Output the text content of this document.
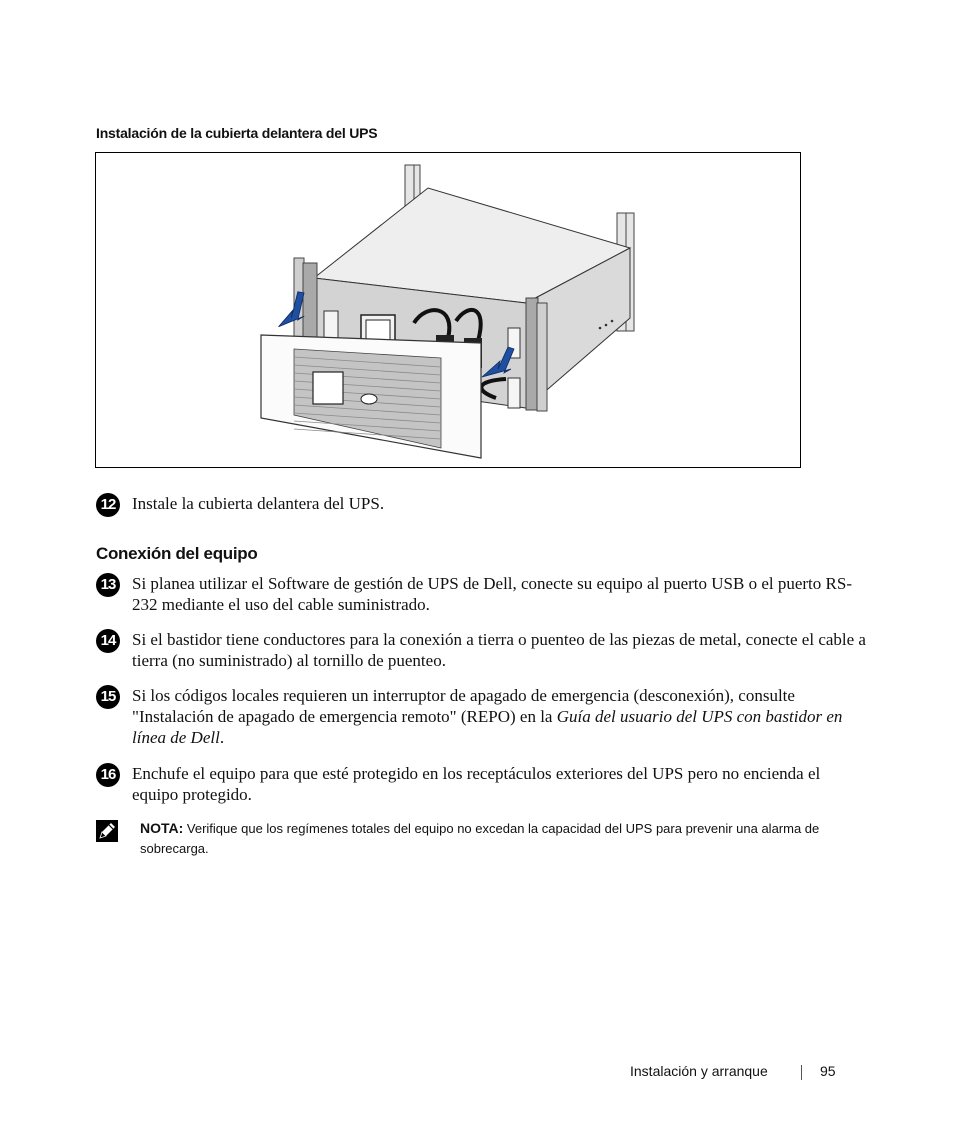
Instalación de la cubierta delantera del UPS
12 Instale la cubierta delantera del UPS.
Conexión del equipo
13 Si planea utilizar el Software de gestión de UPS de Dell, conecte su equipo al puerto USB o el puerto RS-232 mediante el uso del cable suministrado.
14 Si el bastidor tiene conductores para la conexión a tierra o puenteo de las piezas de metal, conecte el cable a tierra (no suministrado) al tornillo de puenteo.
15 Si los códigos locales requieren un interruptor de apagado de emergencia (desconexión), consulte "Instalación de apagado de emergencia remoto" (REPO) en la Guía del usuario del UPS con bastidor en línea de Dell.
16 Enchufe el equipo para que esté protegido en los receptáculos exteriores del UPS pero no encienda el equipo protegido.
NOTA: Verifique que los regímenes totales del equipo no excedan la capacidad del UPS para prevenir una alarma de sobrecarga.
Instalación y arranque	95
